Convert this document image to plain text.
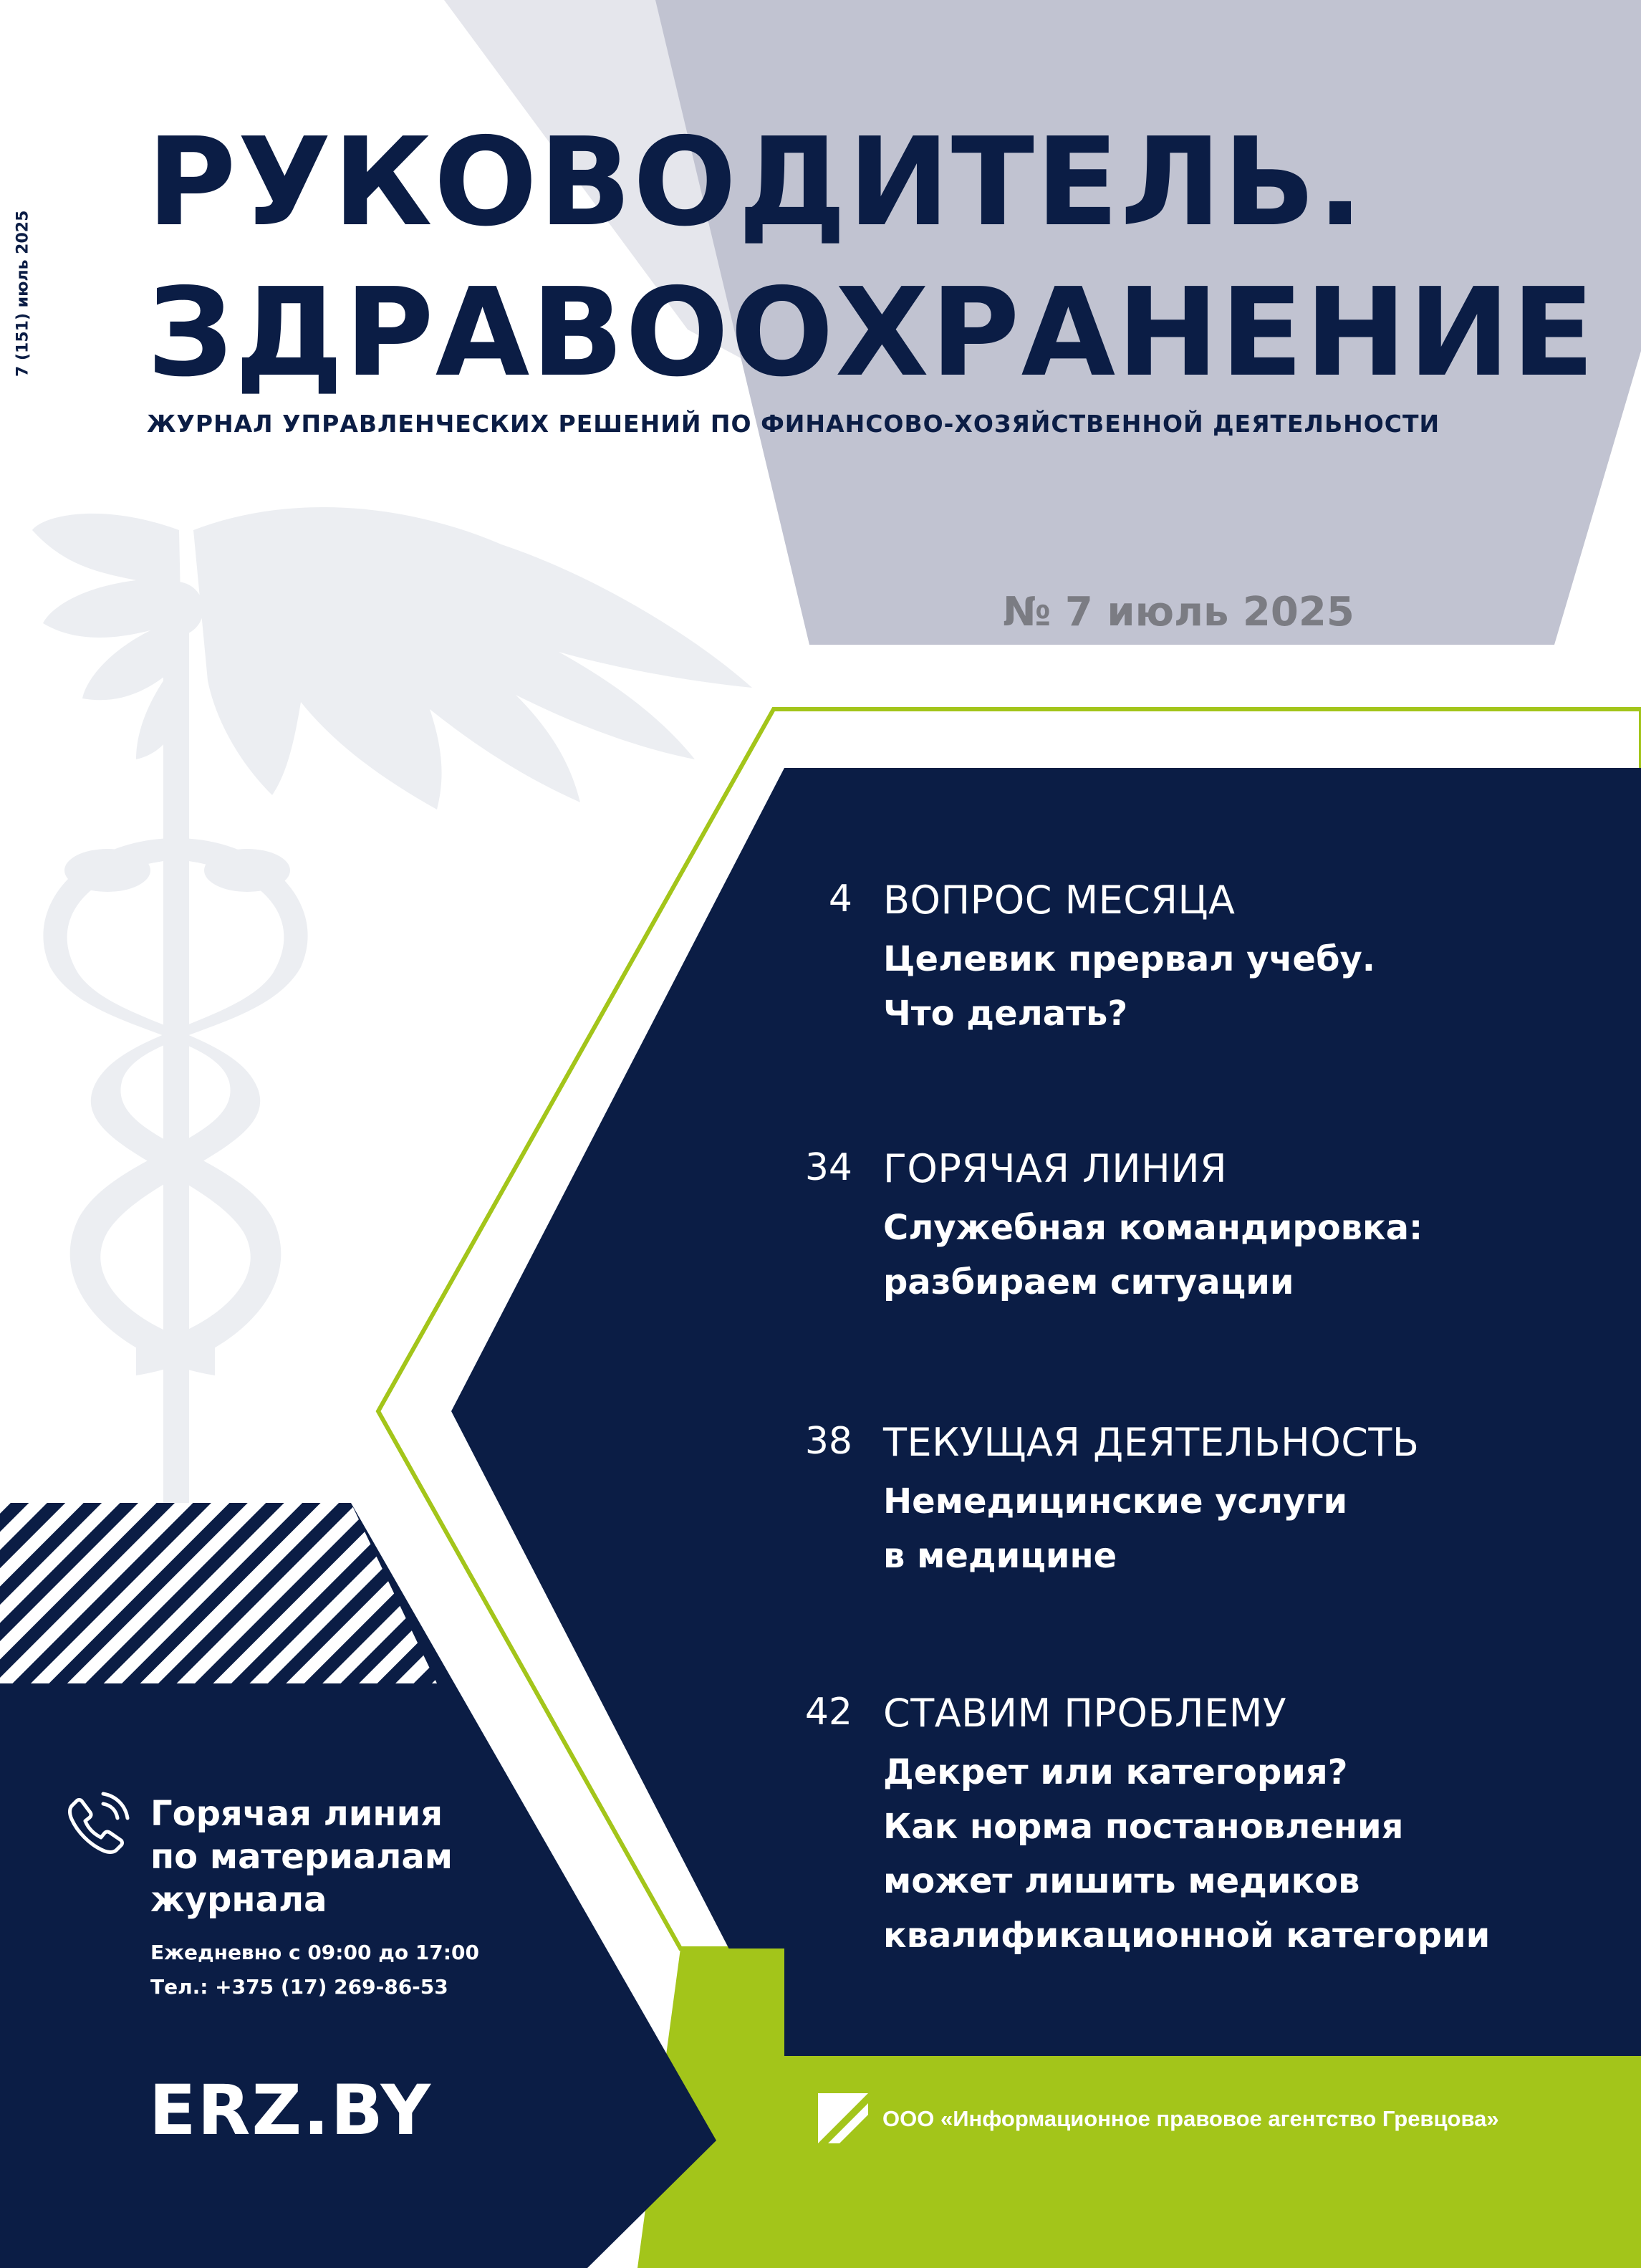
7 (151) июль 2025
РУКОВОДИТЕЛЬ.
ЗДРАВООХРАНЕНИЕ
ЖУРНАЛ УПРАВЛЕНЧЕСКИХ РЕШЕНИЙ ПО ФИНАНСОВО-ХОЗЯЙСТВЕННОЙ ДЕЯТЕЛЬНОСТИ
№ 7 июль 2025
4 ВОПРОС МЕСЯЦА
Целевик прервал учебу.
Что делать?
34 ГОРЯЧАЯ ЛИНИЯ
Служебная командировка:
разбираем ситуации
38 ТЕКУЩАЯ ДЕЯТЕЛЬНОСТЬ
Немедицинские услуги
в медицине
42 СТАВИМ ПРОБЛЕМУ
Декрет или категория?
Как норма постановления
может лишить медиков
квалификационной категории
Горячая линия
по материалам
журнала
Ежедневно с 09:00 до 17:00
Тел.: +375 (17) 269-86-53
ERZ.BY	ООО «Информационное правовое агентство Гревцова»
